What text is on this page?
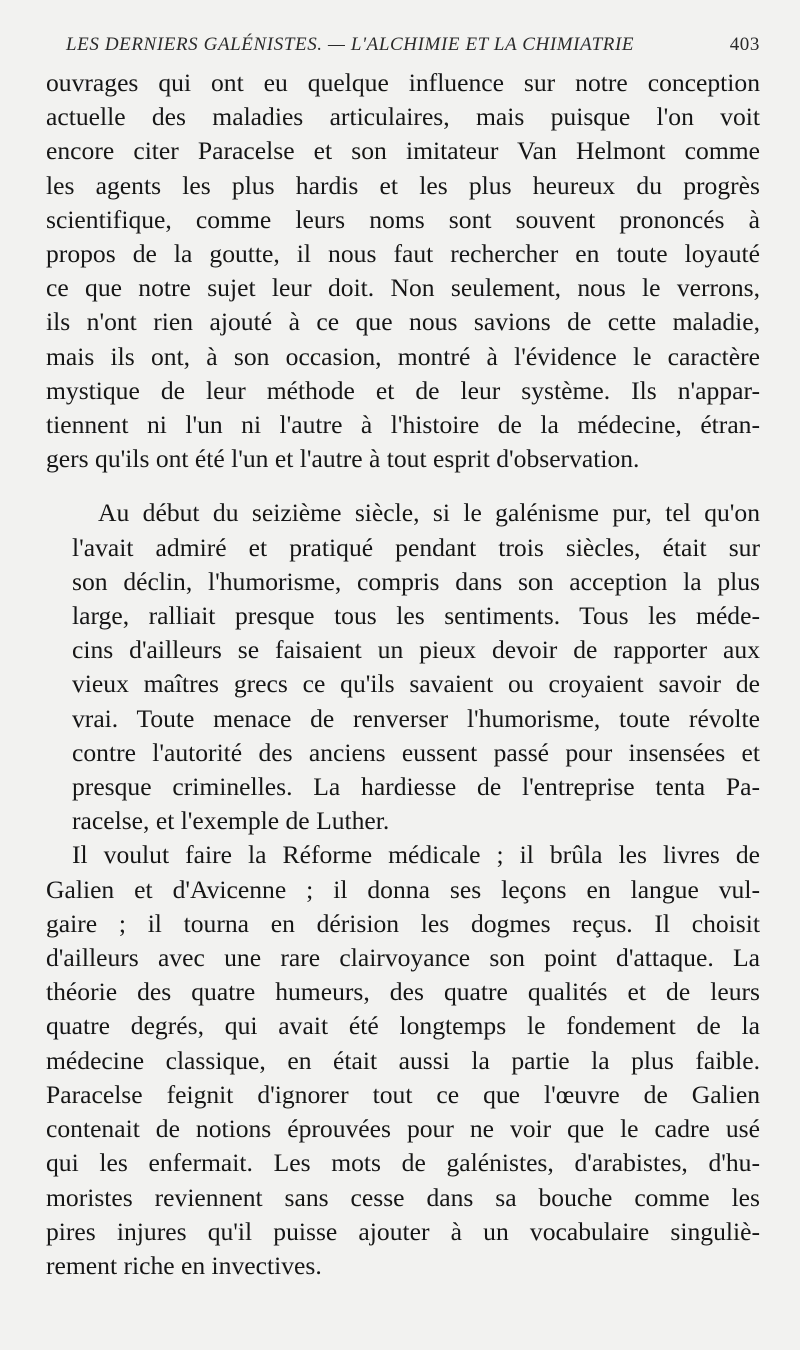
LES DERNIERS GALÉNISTES. — L'ALCHIMIE ET LA CHIMIATRIE	403

ouvrages qui ont eu quelque influence sur notre conception
actuelle des maladies articulaires, mais puisque l'on voit
encore citer Paracelse et son imitateur Van Helmont comme
les agents les plus hardis et les plus heureux du progrès
scientifique, comme leurs noms sont souvent prononcés à
propos de la goutte, il nous faut rechercher en toute loyauté
ce que notre sujet leur doit. Non seulement, nous le verrons,
ils n'ont rien ajouté à ce que nous savions de cette maladie,
mais ils ont, à son occasion, montré à l'évidence le caractère
mystique de leur méthode et de leur système. Ils n'appar-
tiennent ni l'un ni l'autre à l'histoire de la médecine, étran-
gers qu'ils ont été l'un et l'autre à tout esprit d'observation.

Au début du seizième siècle, si le galénisme pur, tel qu'on
l'avait admiré et pratiqué pendant trois siècles, était sur
son déclin, l'humorisme, compris dans son acception la plus
large, ralliait presque tous les sentiments. Tous les méde-
cins d'ailleurs se faisaient un pieux devoir de rapporter aux
vieux maîtres grecs ce qu'ils savaient ou croyaient savoir de
vrai. Toute menace de renverser l'humorisme, toute révolte
contre l'autorité des anciens eussent passé pour insensées et
presque criminelles. La hardiesse de l'entreprise tenta Pa-
racelse, et l'exemple de Luther.

Il voulut faire la Réforme médicale ; il brûla les livres de
Galien et d'Avicenne ; il donna ses leçons en langue vul-
gaire ; il tourna en dérision les dogmes reçus. Il choisit
d'ailleurs avec une rare clairvoyance son point d'attaque. La
théorie des quatre humeurs, des quatre qualités et de leurs
quatre degrés, qui avait été longtemps le fondement de la
médecine classique, en était aussi la partie la plus faible.
Paracelse feignit d'ignorer tout ce que l'œuvre de Galien
contenait de notions éprouvées pour ne voir que le cadre usé
qui les enfermait. Les mots de galénistes, d'arabistes, d'hu-
moristes reviennent sans cesse dans sa bouche comme les
pires injures qu'il puisse ajouter à un vocabulaire singuliè-
rement riche en invectives.
